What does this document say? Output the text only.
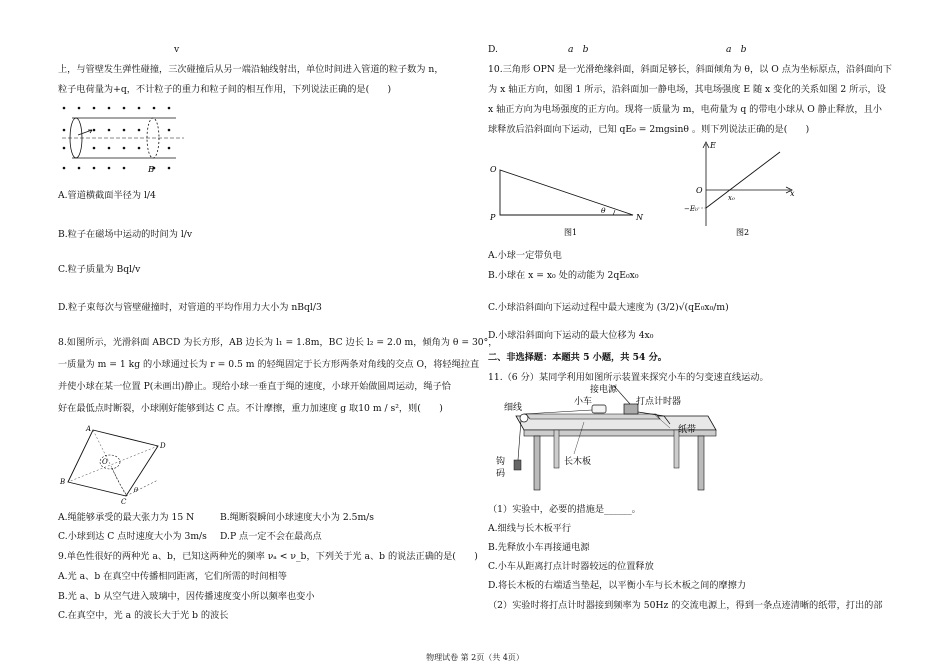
v
上，与管壁发生弹性碰撞，三次碰撞后从另一端沿轴线射出，单位时间进入管道的粒子数为 n，
粒子电荷量为+q，不计粒子的重力和粒子间的相互作用，下列说法正确的是(　　)
B
A.管道横截面半径为 l/4
B.粒子在磁场中运动的时间为 l/v
C.粒子质量为 Bql/v
D.粒子束每次与管壁碰撞时，对管道的平均作用力大小为 nBql/3
8.如图所示，光滑斜面 ABCD 为长方形，AB 边长为 l₁ = 1.8m，BC 边长 l₂ = 2.0 m，倾角为 θ = 30°，
一质量为 m = 1 kg 的小球通过长为 r = 0.5 m 的轻绳固定于长方形两条对角线的交点 O，将轻绳拉直
并使小球在某一位置 P(未画出)静止。现给小球一垂直于绳的速度，小球开始做圆周运动，绳子恰
好在最低点时断裂，小球刚好能够到达 C 点。不计摩擦，重力加速度 g 取10 m / s²，则(　　)
A
D
B
C
O
θ
A.绳能够承受的最大张力为 15 N	B.绳断裂瞬间小球速度大小为 2.5m/s
C.小球到达 C 点时速度大小为 3m/s D.P 点一定不会在最高点
9.单色性很好的两种光 a、b，已知这两种光的频率 νₐ < ν_b，下列关于光 a、b 的说法正确的是(　　)
A.光 a、b 在真空中传播相同距离，它们所需的时间相等
B.光 a、b 从空气进入玻璃中，因传播速度变小所以频率也变小
C.在真空中，光 a 的波长大于光 b 的波长
D.	a　b	a　b
10.三角形 OPN 是一光滑绝缘斜面，斜面足够长，斜面倾角为 θ，以 O 点为坐标原点，沿斜面向下
为 x 轴正方向，如图 1 所示，沿斜面加一静电场，其电场强度 E 随 x 变化的关系如图 2 所示，设
x 轴正方向为电场强度的正方向。现将一质量为 m，电荷量为 q 的带电小球从 O 静止释放，且小
球释放后沿斜面向下运动，已知 qE₀ = 2mgsinθ 。则下列说法正确的是(　　)
O
P	N
θ
图1
E
O	x
x₀
−E₀
图2
A.小球一定带负电
B.小球在 x = x₀ 处的动能为 2qE₀x₀
C.小球沿斜面向下运动过程中最大速度为 (3/2)√(qE₀x₀/m)
D.小球沿斜面向下运动的最大位移为 4x₀
二、非选择题：本题共 5 小题，共 54 分。
11.（6 分）某同学利用如图所示装置来探究小车的匀变速直线运动。
接电源
细线
小车	打点计时器
纸带
长木板
钩
码
（1）实验中，必要的措施是______。
A.细线与长木板平行
B.先释放小车再接通电源
C.小车从距离打点计时器较远的位置释放
D.将长木板的右端适当垫起，以平衡小车与长木板之间的摩擦力
（2）实验时将打点计时器接到频率为 50Hz 的交流电源上，得到一条点迹清晰的纸带，打出的部
物理试卷 第 2页（共 4页）
